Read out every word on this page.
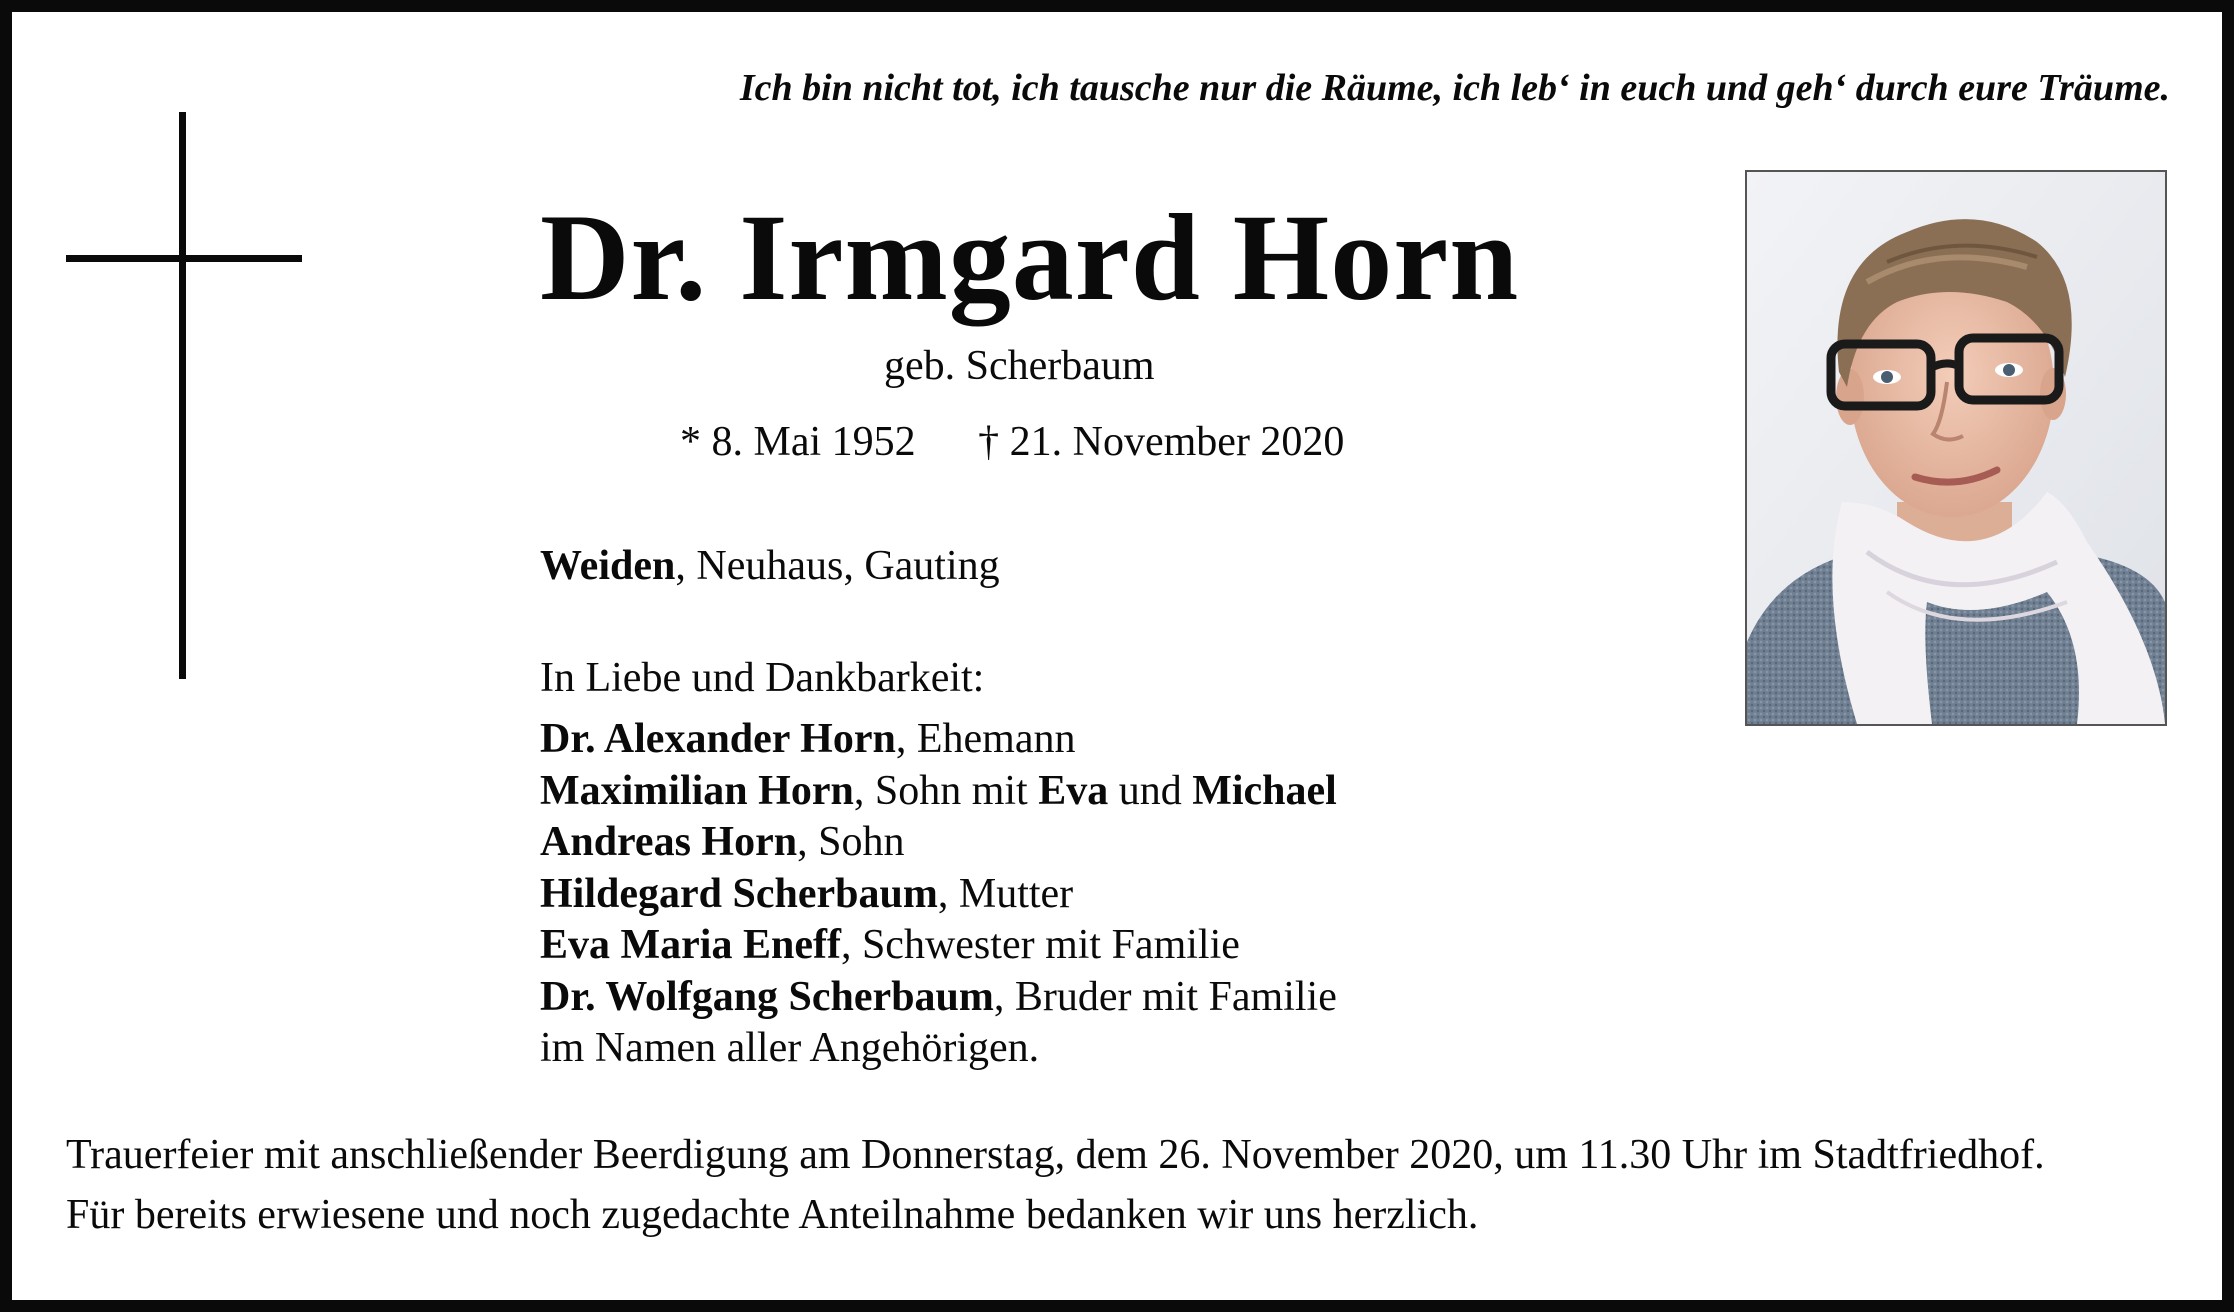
Ich bin nicht tot, ich tausche nur die Räume, ich leb‘ in euch und geh‘ durch eure Träume.
Dr. Irmgard Horn
geb. Scherbaum
* 8. Mai 1952 † 21. November 2020
Weiden, Neuhaus, Gauting
In Liebe und Dankbarkeit:
Dr. Alexander Horn, Ehemann
Maximilian Horn, Sohn mit Eva und Michael
Andreas Horn, Sohn
Hildegard Scherbaum, Mutter
Eva Maria Eneff, Schwester mit Familie
Dr. Wolfgang Scherbaum, Bruder mit Familie
im Namen aller Angehörigen.
Trauerfeier mit anschließender Beerdigung am Donnerstag, dem 26. November 2020, um 11.30 Uhr im Stadtfriedhof.
Für bereits erwiesene und noch zugedachte Anteilnahme bedanken wir uns herzlich.
